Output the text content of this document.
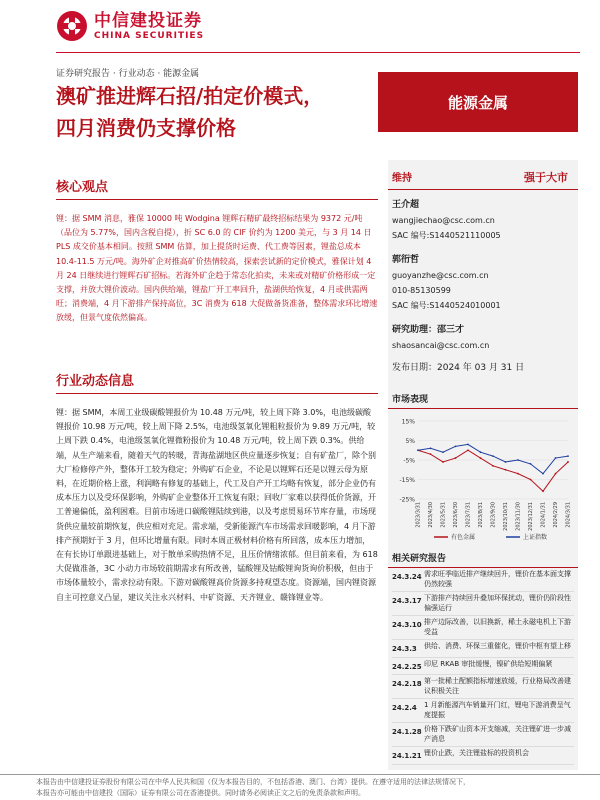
中信建投证券
CHINA SECURITIES
证券研究报告 · 行业动态 · 能源金属
澳矿推进辉石招/拍定价模式，
四月消费仍支撑价格
能源金属
核心观点
锂：据 SMM 消息，雅保 10000 吨 Wodgina 锂辉石精矿最终招标结果为 9372 元/吨（品位为 5.77%，国内含税自提），折 SC 6.0 的 CIF 价约为 1200 美元，与 3 月 14 日 PLS 成交价基本相同。按照 SMM 估算，加上提货时运费、代工费等因素，锂盐总成本 10.4-11.5 万元/吨。海外矿企对推高矿价热情较高，探索尝试新的定价模式，雅保计划 4 月 24 日继续进行锂辉石矿招标。若海外矿企趋于常态化拍卖，未来或对精矿价格形成一定支撑，并放大锂价波动。国内供给端，锂盐厂开工率回升，盐湖供给恢复，4 月或供需两旺；消费端，4 月下游排产保持高位，3C 消费为 618 大促做备货准备，整体需求环比增速放缓，但景气度依然偏高。
行业动态信息
锂：据 SMM，本周工业级碳酸锂报价为 10.48 万元/吨，较上周下降 3.0%，电池级碳酸锂报价 10.98 万元/吨，较上周下降 2.5%，电池级氢氧化锂粗粒报价为 9.89 万元/吨，较上周下跌 0.4%，电池级氢氧化锂微粉报价为 10.48 万元/吨，较上周下跌 0.3%。供给端，从生产端来看，随着天气的转暖，青海盐湖地区供应量逐步恢复；自有矿盐厂，除个别大厂检修停产外，整体开工较为稳定；外购矿石企业，不论是以锂辉石还是以锂云母为原料，在近期价格上涨，利润略有修复的基础上，代工及自产开工均略有恢复，部分企业仍有成本压力以及受环保影响，外购矿企业整体开工恢复有限；回收厂家难以获得低价货源，开工普遍偏低，盈利困难。目前市场进口碳酸锂陆续到港，以及考虑贸易环节库存量，市场现货供应量较前期恢复，供应相对充足。需求端，受新能源汽车市场需求回暖影响，4 月下游排产预期好于 3 月，但环比增量有限。同时本周正极材料价格有所回落，成本压力增加，在有长协订单跟进基础上，对于散单采购热情不足，且压价情绪浓郁。但目前来看，为 618 大促做准备，3C 小动力市场较前期需求有所改善，锰酸锂及钴酸锂询货询价积极，但由于市场体量较小，需求拉动有限。下游对碳酸锂高价货源多持观望态度。资源端，国内锂资源自主可控意义凸显，建议关注永兴材料、中矿资源、天齐锂业、赣锋锂业等。
维持	强于大市
王介超
wangjiechao@csc.com.cn
SAC 编号:S1440521110005
郭衎哲
guoyanzhe@csc.com.cn
010-85130599
SAC 编号:S1440524010001
研究助理：邵三才
shaosancai@csc.com.cn
发布日期：2024 年 03 月 31 日
市场表现
15%
5%
-5%
-15%
-25%
2023/3/31 2023/4/30 2023/5/31 2023/6/30 2023/7/31 2023/8/31 2023/9/30 2023/10/31 2023/11/30 2023/12/31 2024/1/31 2024/2/29 2024/3/31
有色金属	上证指数
相关研究报告
24.3.24 需求旺季临近排产继续回升，锂价在基本面支撑仍然较强
24.3.17 下游排产持续回升叠加环保扰动，锂价仍阶段性偏强运行
24.3.10 排产边际改善，以旧换新，稀土永磁电机上下游受益
24.3.3	供给、消费、环保三重催化，锂价中枢有望上移
24.2.25 印尼 RKAB 审批缓慢，镍矿供给短期偏紧
24.2.18 第一批稀土配额指标增速放缓，行业格局改善建议积极关注
24.2.4	1 月新能源汽车销量开门红，锂电下游消费呈气度提振
24.1.28 价格下跌矿山资本开支缩减，关注锂矿进一步减产消息
24.1.21 锂价止跌，关注锂盐标的投资机会
本报告由中信建投证券股份有限公司在中华人民共和国（仅为本报告目的，不包括香港、澳门、台湾）提供。在遵守适用的法律法规情况下，
本报告亦可能由中信建投（国际）证券有限公司在香港提供。同时请务必阅读正文之后的免责条款和声明。
